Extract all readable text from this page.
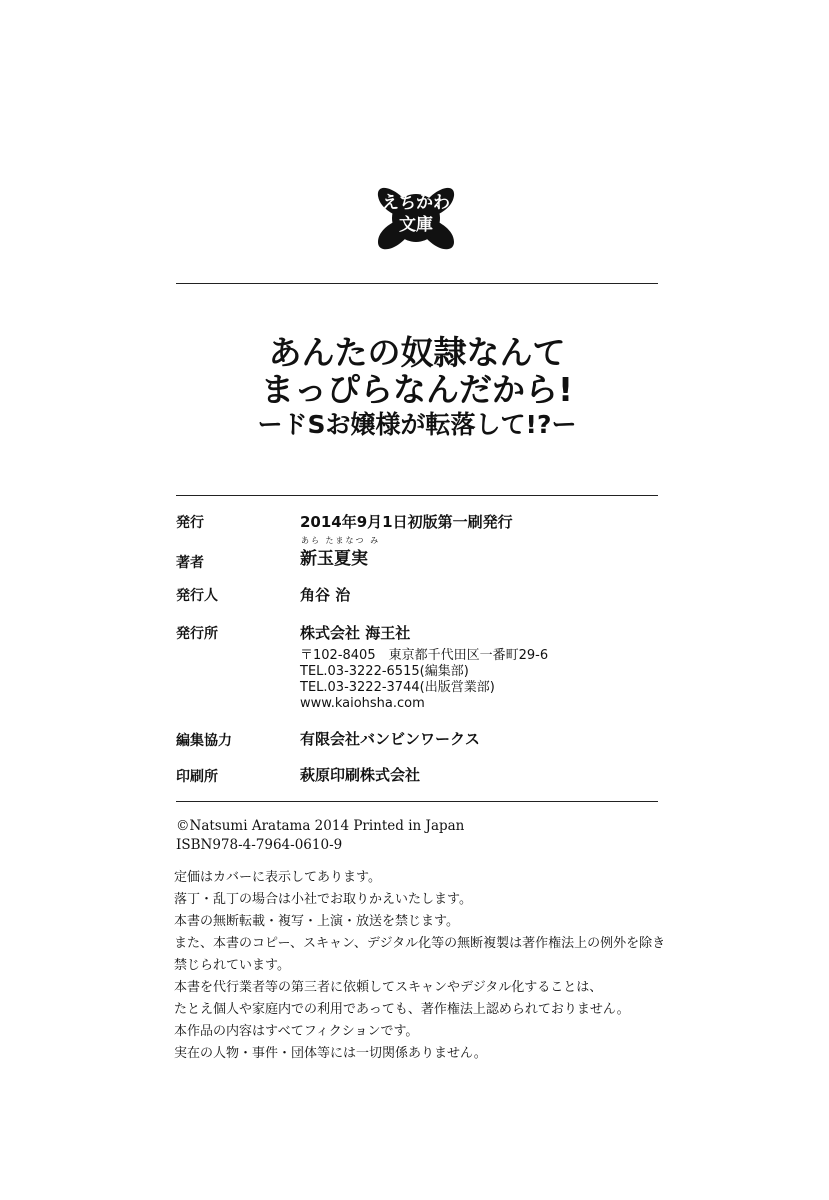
えちかわ
文庫
あんたの奴隷なんて
まっぴらなんだから!
ードSお嬢様が転落して!?ー
発行	2014年9月1日初版第一刷発行
あら たまなつ み
著者	新玉夏実
発行人	角谷 治
発行所	株式会社 海王社
〒102-8405　東京都千代田区一番町29-6
TEL.03-3222-6515(編集部)
TEL.03-3222-3744(出版営業部)
www.kaiohsha.com
編集協力	有限会社バンビンワークス
印刷所	萩原印刷株式会社
©Natsumi Aratama 2014 Printed in Japan
ISBN978-4-7964-0610-9
定価はカバーに表示してあります。
落丁・乱丁の場合は小社でお取りかえいたします。
本書の無断転載・複写・上演・放送を禁じます。
また、本書のコピー、スキャン、デジタル化等の無断複製は著作権法上の例外を除き
禁じられています。
本書を代行業者等の第三者に依頼してスキャンやデジタル化することは、
たとえ個人や家庭内での利用であっても、著作権法上認められておりません。
本作品の内容はすべてフィクションです。
実在の人物・事件・団体等には一切関係ありません。
